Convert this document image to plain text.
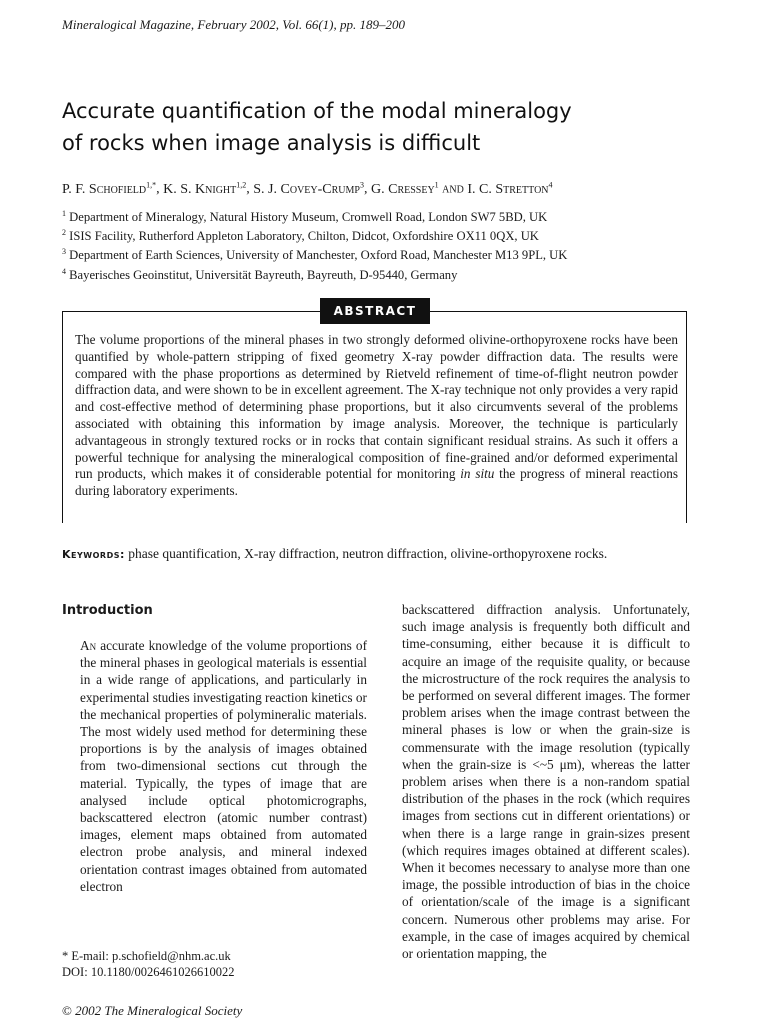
Mineralogical Magazine, February 2002, Vol. 66(1), pp. 189–200
Accurate quantification of the modal mineralogy
of rocks when image analysis is difficult
P. F. Schofield$^{1,*}$, K. S. Knight$^{1,2}$, S. J. Covey-Crump$^3$, G. Cressey$^1$ and I. C. Stretton$^4$
$^1$ Department of Mineralogy, Natural History Museum, Cromwell Road, London SW7 5BD, UK
$^2$ ISIS Facility, Rutherford Appleton Laboratory, Chilton, Didcot, Oxfordshire OX11 0QX, UK
$^3$ Department of Earth Sciences, University of Manchester, Oxford Road, Manchester M13 9PL, UK
$^4$ Bayerisches Geoinstitut, Universität Bayreuth, Bayreuth, D-95440, Germany
ABSTRACT
The volume proportions of the mineral phases in two strongly deformed olivine-orthopyroxene rocks have been quantified by whole-pattern stripping of fixed geometry X-ray powder diffraction data. The results were compared with the phase proportions as determined by Rietveld refinement of time-of-flight neutron powder diffraction data, and were shown to be in excellent agreement. The X-ray technique not only provides a very rapid and cost-effective method of determining phase proportions, but it also circumvents several of the problems associated with obtaining this information by image analysis. Moreover, the technique is particularly advantageous in strongly textured rocks or in rocks that contain significant residual strains. As such it offers a powerful technique for analysing the mineralogical composition of fine-grained and/or deformed experimental run products, which makes it of considerable potential for monitoring in situ the progress of mineral reactions during laboratory experiments.
Keywords: phase quantification, X-ray diffraction, neutron diffraction, olivine-orthopyroxene rocks.
Introduction

An accurate knowledge of the volume proportions of the mineral phases in geological materials is essential in a wide range of applications, and particularly in experimental studies investigating reaction kinetics or the mechanical properties of polymineralic materials. The most widely used method for determining these proportions is by the analysis of images obtained from two-dimensional sections cut through the material. Typically, the types of image that are analysed include optical photomicrographs, backscattered electron (atomic number contrast) images, element maps obtained from automated electron probe analysis, and mineral indexed orientation contrast images obtained from automated electron

backscattered diffraction analysis. Unfortunately, such image analysis is frequently both difficult and time-consuming, either because it is difficult to acquire an image of the requisite quality, or because the microstructure of the rock requires the analysis to be performed on several different images. The former problem arises when the image contrast between the mineral phases is low or when the grain-size is commensurate with the image resolution (typically when the grain-size is <~5 μm), whereas the latter problem arises when there is a non-random spatial distribution of the phases in the rock (which requires images from sections cut in different orientations) or when there is a large range in grain-sizes present (which requires images obtained at different scales). When it becomes necessary to analyse more than one image, the possible introduction of bias in the choice of orientation/scale of the image is a significant concern. Numerous other problems may arise. For example, in the case of images acquired by chemical or orientation mapping, the

* E-mail: p.schofield@nhm.ac.uk
DOI: 10.1180/0026461026610022
© 2002 The Mineralogical Society
